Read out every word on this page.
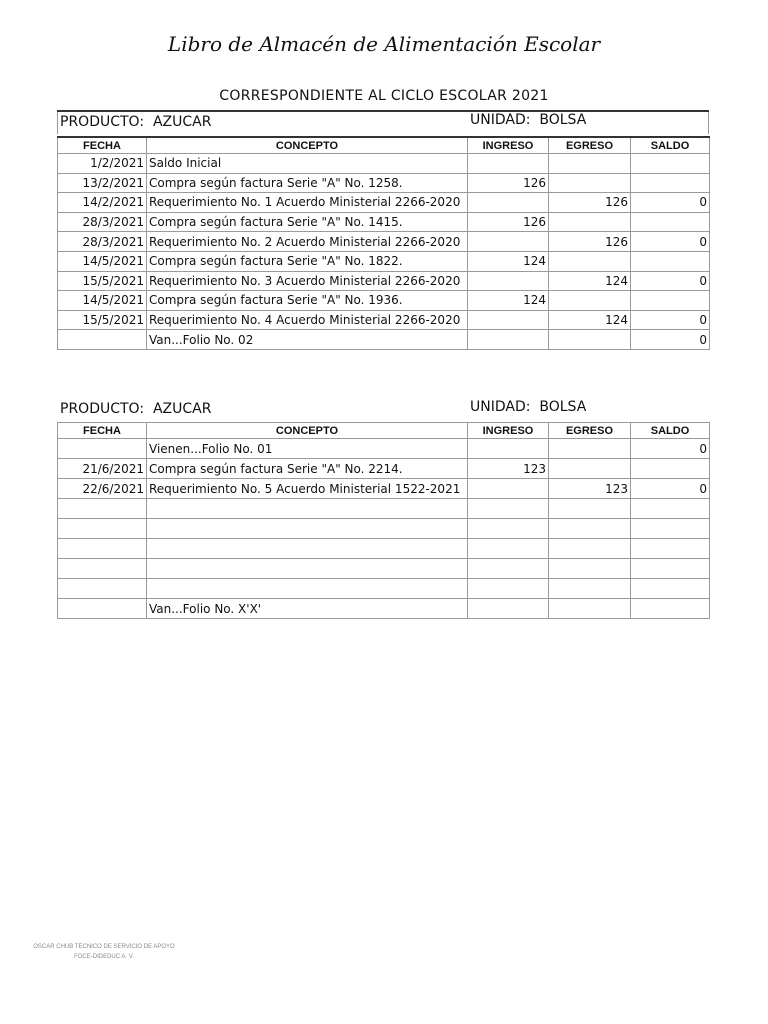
Libro de Almacén de Alimentación Escolar
CORRESPONDIENTE AL CICLO ESCOLAR 2021
PRODUCTO: AZUCAR	UNIDAD: BOLSA
FECHA	CONCEPTO	INGRESO	EGRESO	SALDO
1/2/2021	Saldo Inicial			
13/2/2021	Compra según factura Serie "A" No. 1258.	126		
14/2/2021	Requerimiento No. 1 Acuerdo Ministerial 2266-2020		126	0
28/3/2021	Compra según factura Serie "A" No. 1415.	126		
28/3/2021	Requerimiento No. 2 Acuerdo Ministerial 2266-2020		126	0
14/5/2021	Compra según factura Serie "A" No. 1822.	124		
15/5/2021	Requerimiento No. 3 Acuerdo Ministerial 2266-2020		124	0
14/5/2021	Compra según factura Serie "A" No. 1936.	124		
15/5/2021	Requerimiento No. 4 Acuerdo Ministerial 2266-2020		124	0
	Van...Folio No. 02			0
PRODUCTO: AZUCAR	UNIDAD: BOLSA
FECHA	CONCEPTO	INGRESO	EGRESO	SALDO
	Vienen...Folio No. 01			0
21/6/2021	Compra según factura Serie "A" No. 2214.	123		
22/6/2021	Requerimiento No. 5 Acuerdo Ministerial 1522-2021		123	0

	Van...Folio No. X'X'			
OSCAR CHUB TECNICO DE SERVICIO DE APOYO
FOCE-DIDEDUC A. V.
